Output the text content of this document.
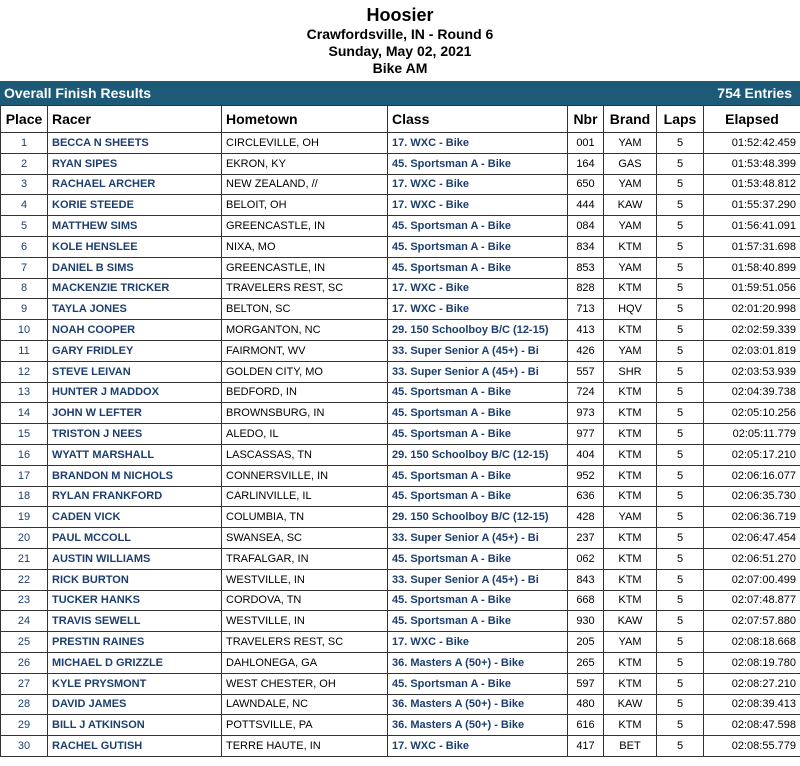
Hoosier
Crawfordsville, IN - Round 6
Sunday, May 02, 2021
Bike AM
Overall Finish Results	754 Entries
Place	Racer	Hometown	Class	Nbr	Brand	Laps	Elapsed
1	BECCA N SHEETS	CIRCLEVILLE, OH	17. WXC - Bike	001	YAM	5	01:52:42.459
2	RYAN SIPES	EKRON, KY	45. Sportsman A - Bike	164	GAS	5	01:53:48.399
3	RACHAEL ARCHER	NEW ZEALAND, //	17. WXC - Bike	650	YAM	5	01:53:48.812
4	KORIE STEEDE	BELOIT, OH	17. WXC - Bike	444	KAW	5	01:55:37.290
5	MATTHEW SIMS	GREENCASTLE, IN	45. Sportsman A - Bike	084	YAM	5	01:56:41.091
6	KOLE HENSLEE	NIXA, MO	45. Sportsman A - Bike	834	KTM	5	01:57:31.698
7	DANIEL B SIMS	GREENCASTLE, IN	45. Sportsman A - Bike	853	YAM	5	01:58:40.899
8	MACKENZIE TRICKER	TRAVELERS REST, SC	17. WXC - Bike	828	KTM	5	01:59:51.056
9	TAYLA JONES	BELTON, SC	17. WXC - Bike	713	HQV	5	02:01:20.998
10	NOAH COOPER	MORGANTON, NC	29. 150 Schoolboy B/C (12-15)	413	KTM	5	02:02:59.339
11	GARY FRIDLEY	FAIRMONT, WV	33. Super Senior A (45+) - Bi	426	YAM	5	02:03:01.819
12	STEVE LEIVAN	GOLDEN CITY, MO	33. Super Senior A (45+) - Bi	557	SHR	5	02:03:53.939
13	HUNTER J MADDOX	BEDFORD, IN	45. Sportsman A - Bike	724	KTM	5	02:04:39.738
14	JOHN W LEFTER	BROWNSBURG, IN	45. Sportsman A - Bike	973	KTM	5	02:05:10.256
15	TRISTON J NEES	ALEDO, IL	45. Sportsman A - Bike	977	KTM	5	02:05:11.779
16	WYATT MARSHALL	LASCASSAS, TN	29. 150 Schoolboy B/C (12-15)	404	KTM	5	02:05:17.210
17	BRANDON M NICHOLS	CONNERSVILLE, IN	45. Sportsman A - Bike	952	KTM	5	02:06:16.077
18	RYLAN FRANKFORD	CARLINVILLE, IL	45. Sportsman A - Bike	636	KTM	5	02:06:35.730
19	CADEN VICK	COLUMBIA, TN	29. 150 Schoolboy B/C (12-15)	428	YAM	5	02:06:36.719
20	PAUL MCCOLL	SWANSEA, SC	33. Super Senior A (45+) - Bi	237	KTM	5	02:06:47.454
21	AUSTIN WILLIAMS	TRAFALGAR, IN	45. Sportsman A - Bike	062	KTM	5	02:06:51.270
22	RICK BURTON	WESTVILLE, IN	33. Super Senior A (45+) - Bi	843	KTM	5	02:07:00.499
23	TUCKER HANKS	CORDOVA, TN	45. Sportsman A - Bike	668	KTM	5	02:07:48.877
24	TRAVIS SEWELL	WESTVILLE, IN	45. Sportsman A - Bike	930	KAW	5	02:07:57.880
25	PRESTIN RAINES	TRAVELERS REST, SC	17. WXC - Bike	205	YAM	5	02:08:18.668
26	MICHAEL D GRIZZLE	DAHLONEGA, GA	36. Masters A (50+) - Bike	265	KTM	5	02:08:19.780
27	KYLE PRYSMONT	WEST CHESTER, OH	45. Sportsman A - Bike	597	KTM	5	02:08:27.210
28	DAVID JAMES	LAWNDALE, NC	36. Masters A (50+) - Bike	480	KAW	5	02:08:39.413
29	BILL J ATKINSON	POTTSVILLE, PA	36. Masters A (50+) - Bike	616	KTM	5	02:08:47.598
30	RACHEL GUTISH	TERRE HAUTE, IN	17. WXC - Bike	417	BET	5	02:08:55.779
